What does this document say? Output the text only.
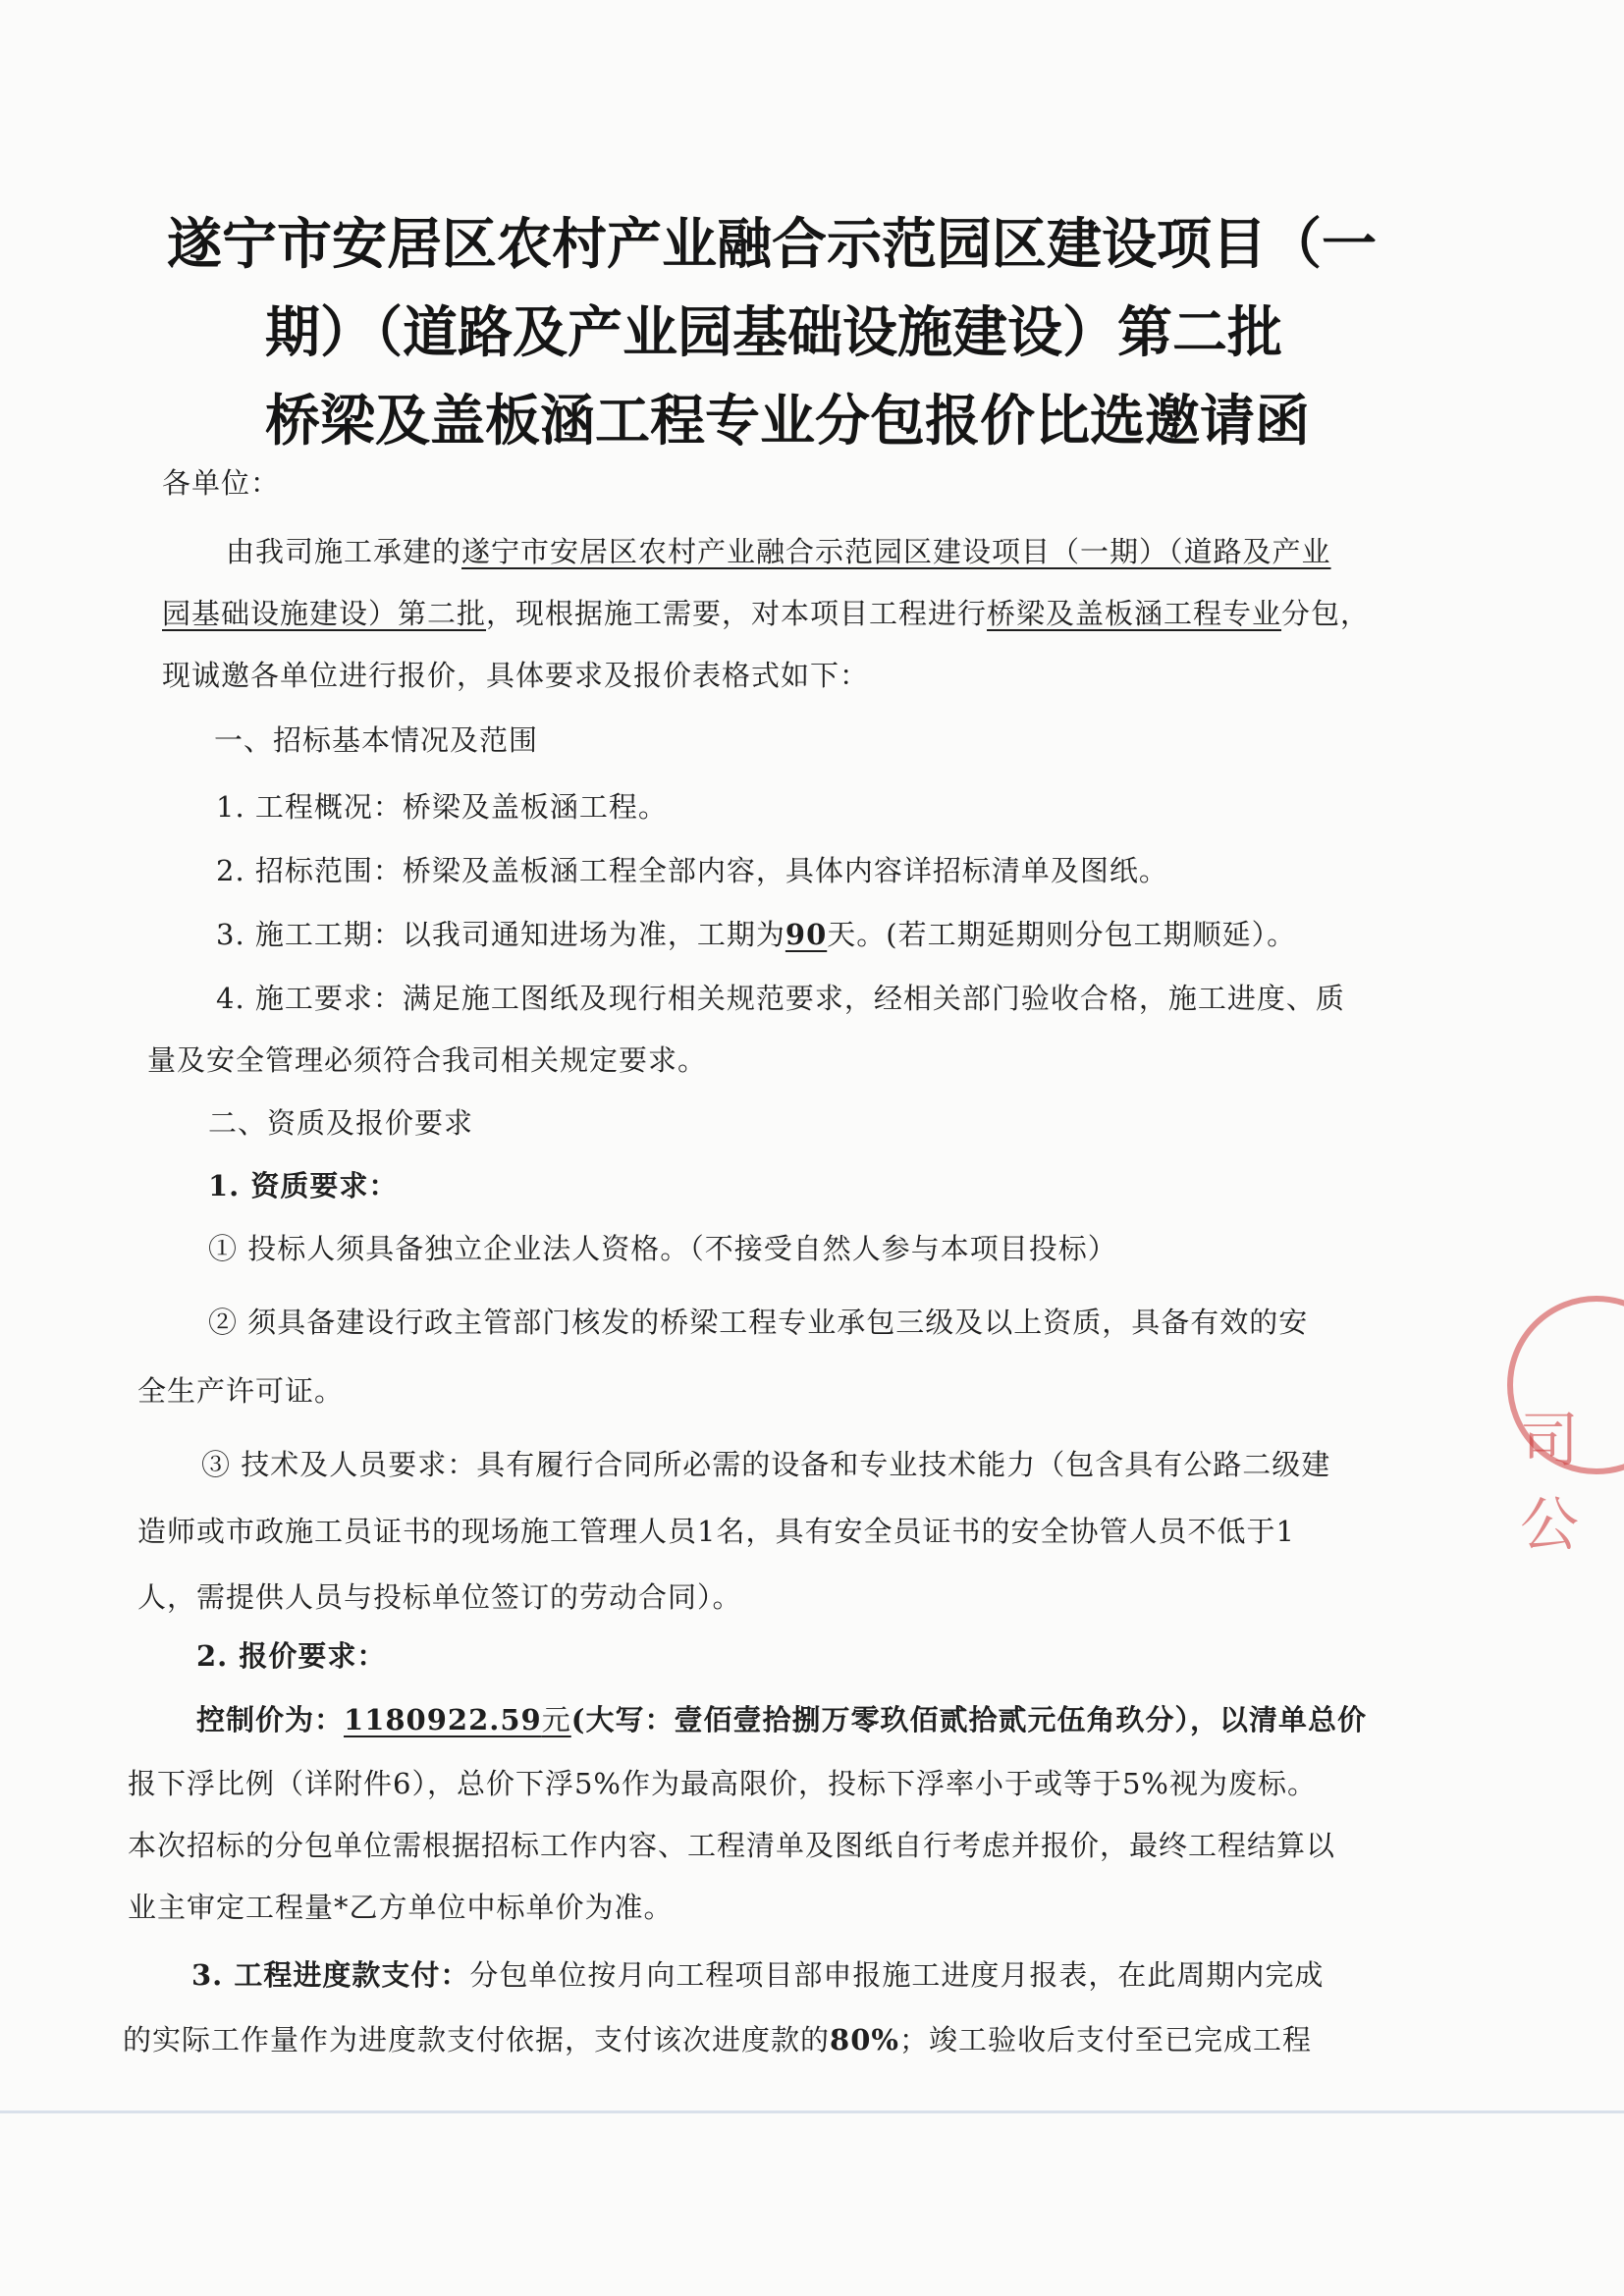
司公
遂宁市安居区农村产业融合示范园区建设项目（一
期）（道路及产业园基础设施建设）第二批
桥梁及盖板涵工程专业分包报价比选邀请函
各单位：
由我司施工承建的遂宁市安居区农村产业融合示范园区建设项目（一期）（道路及产业
园基础设施建设）第二批，现根据施工需要，对本项目工程进行桥梁及盖板涵工程专业分包，
现诚邀各单位进行报价，具体要求及报价表格式如下：
一、招标基本情况及范围
1. 工程概况：桥梁及盖板涵工程。
2. 招标范围：桥梁及盖板涵工程全部内容，具体内容详招标清单及图纸。
3. 施工工期：以我司通知进场为准，工期为90天。(若工期延期则分包工期顺延）。
4. 施工要求：满足施工图纸及现行相关规范要求，经相关部门验收合格，施工进度、质
量及安全管理必须符合我司相关规定要求。
二、资质及报价要求
1. 资质要求：
① 投标人须具备独立企业法人资格。（不接受自然人参与本项目投标）
② 须具备建设行政主管部门核发的桥梁工程专业承包三级及以上资质，具备有效的安
全生产许可证。
③ 技术及人员要求：具有履行合同所必需的设备和专业技术能力（包含具有公路二级建
造师或市政施工员证书的现场施工管理人员1名，具有安全员证书的安全协管人员不低于1
人，需提供人员与投标单位签订的劳动合同）。
2. 报价要求：
控制价为：1180922.59元(大写：壹佰壹拾捌万零玖佰贰拾贰元伍角玖分），以清单总价
报下浮比例（详附件6），总价下浮5%作为最高限价，投标下浮率小于或等于5%视为废标。
本次招标的分包单位需根据招标工作内容、工程清单及图纸自行考虑并报价，最终工程结算以
业主审定工程量*乙方单位中标单价为准。
3. 工程进度款支付：分包单位按月向工程项目部申报施工进度月报表，在此周期内完成
的实际工作量作为进度款支付依据，支付该次进度款的80%；竣工验收后支付至已完成工程
